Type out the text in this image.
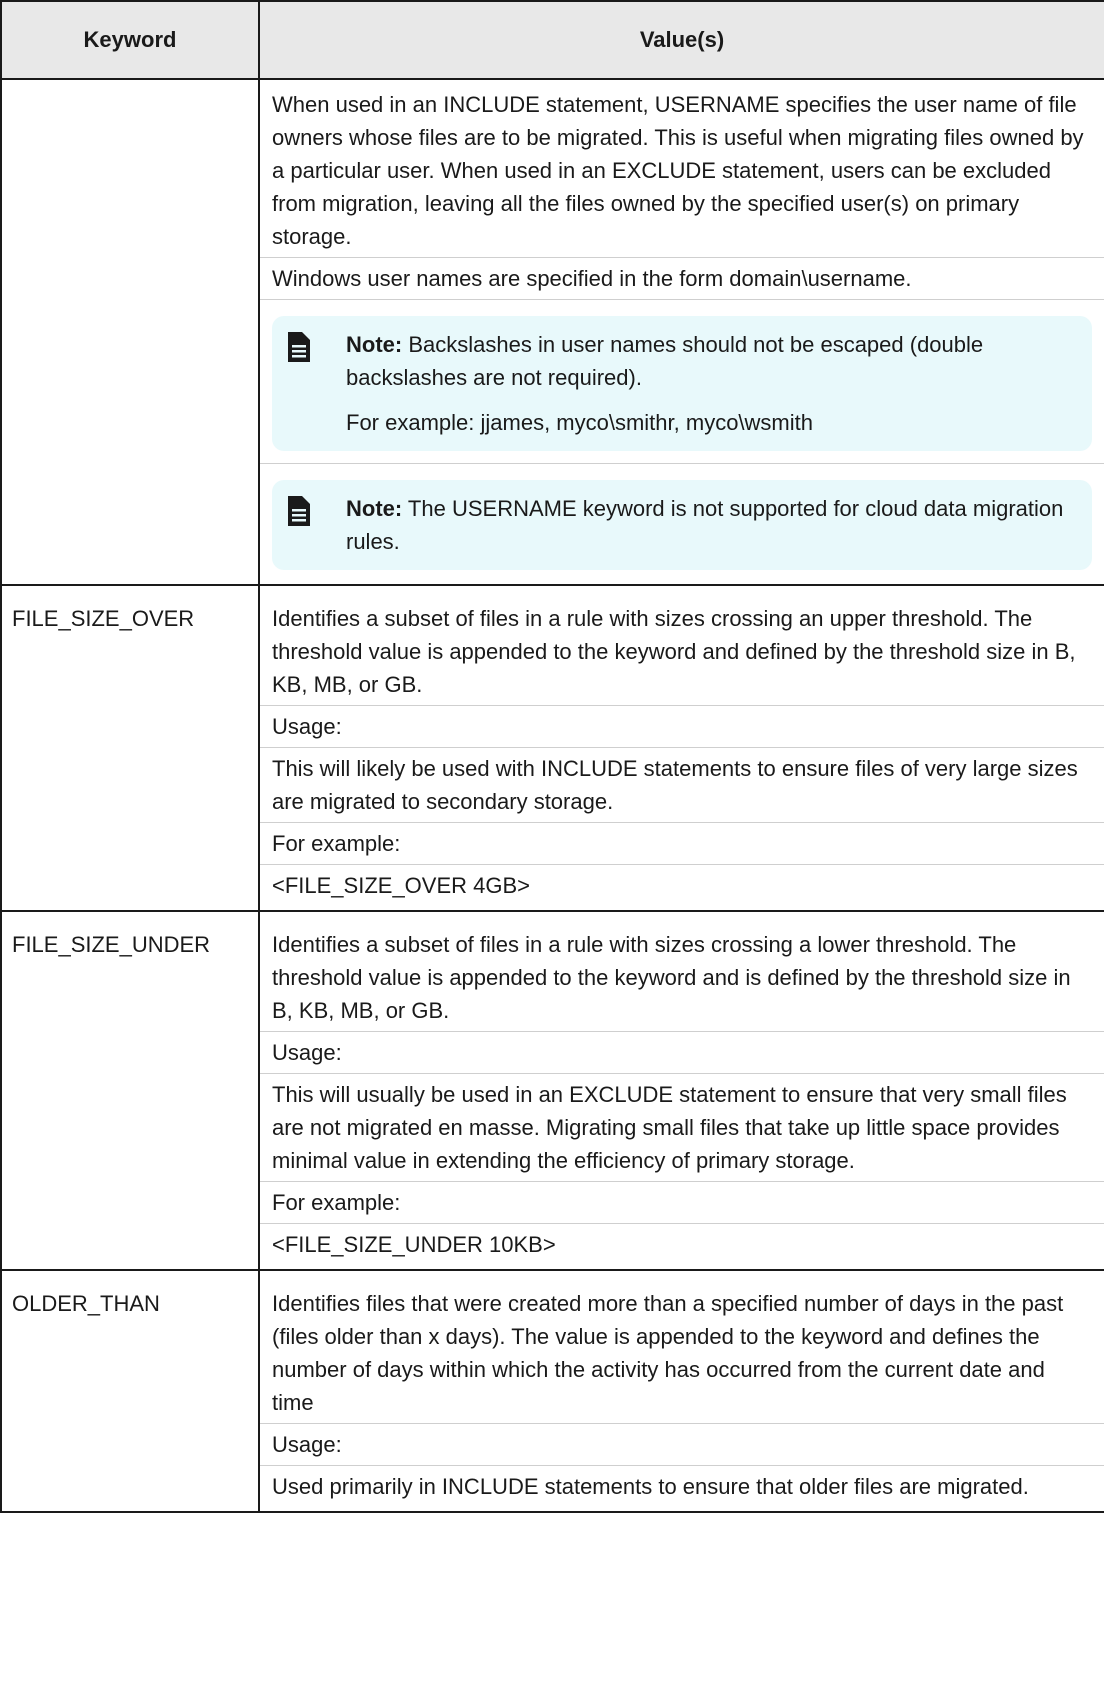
Keyword	Value(s)

	When used in an INCLUDE statement, USERNAME specifies the user name of file owners whose files are to be migrated. This is useful when migrating files owned by a particular user. When used in an EXCLUDE statement, users can be excluded from migration, leaving all the files owned by the specified user(s) on primary storage.

Windows user names are specified in the form domain\username.

Note: Backslashes in user names should not be escaped (double backslashes are not required).

For example: jjames, myco\smithr, myco\wsmith

Note: The USERNAME keyword is not supported for cloud data migration rules.

FILE_SIZE_OVER	Identifies a subset of files in a rule with sizes crossing an upper threshold. The threshold value is appended to the keyword and defined by the threshold size in B, KB, MB, or GB.

Usage:

This will likely be used with INCLUDE statements to ensure files of very large sizes are migrated to secondary storage.

For example:

<FILE_SIZE_OVER 4GB>

FILE_SIZE_UNDER	Identifies a subset of files in a rule with sizes crossing a lower threshold. The threshold value is appended to the keyword and is defined by the threshold size in B, KB, MB, or GB.

Usage:

This will usually be used in an EXCLUDE statement to ensure that very small files are not migrated en masse. Migrating small files that take up little space provides minimal value in extending the efficiency of primary storage.

For example:

<FILE_SIZE_UNDER 10KB>

OLDER_THAN	Identifies files that were created more than a specified number of days in the past (files older than x days). The value is appended to the keyword and defines the number of days within which the activity has occurred from the current date and time

Usage:

Used primarily in INCLUDE statements to ensure that older files are migrated.
